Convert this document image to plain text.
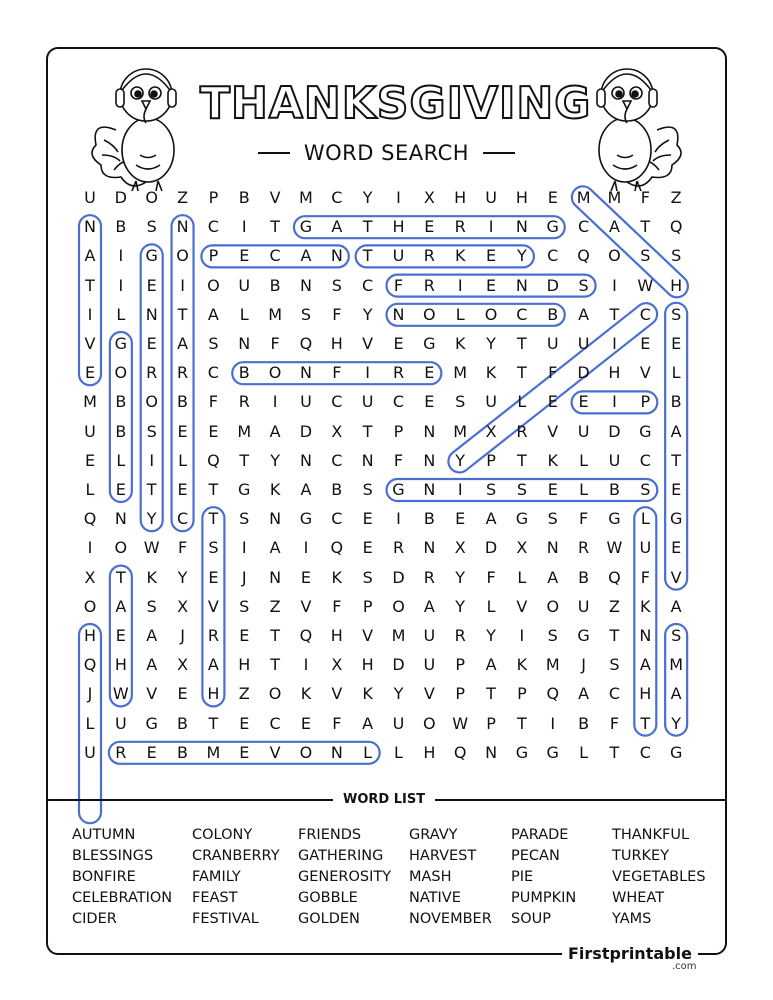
THANKSGIVING
WORD SEARCH
U	D	O	Z	P	B	V	M	C	Y	I	X	H	U	H	E	M	M	F	Z
N	B	S	N	C	I	T	G	A	T	H	E	R	I	N	G	C	A	T	Q
A	I	G	O	P	E	C	A	N	T	U	R	K	E	Y	C	Q	O	S	S
T	I	E	I	O	U	B	N	S	C	F	R	I	E	N	D	S	I	W	H
I	L	N	T	A	L	M	S	F	Y	N	O	L	O	C	B	A	T	C	S
V	G	E	A	S	N	F	Q	H	V	E	G	K	Y	T	U	U	I	E	E
E	O	R	R	C	B	O	N	F	I	R	E	M	K	T	F	D	H	V	L
M	B	O	B	F	R	I	U	C	U	C	E	S	U	L	E	E	I	P	B
U	B	S	E	E	M	A	D	X	T	P	N	M	X	R	V	U	D	G	A
E	L	I	L	Q	T	Y	N	C	N	F	N	Y	P	T	K	L	U	C	T
L	E	T	E	T	G	K	A	B	S	G	N	I	S	S	E	L	B	S	E
Q	N	Y	C	T	S	N	G	C	E	I	B	E	A	G	S	F	G	L	G
I	O	W	F	S	I	A	I	Q	E	R	N	X	D	X	N	R	W	U	E
X	T	K	Y	E	J	N	E	K	S	D	R	Y	F	L	A	B	Q	F	V
O	A	S	X	V	S	Z	V	F	P	O	A	Y	L	V	O	U	Z	K	A
H	E	A	J	R	E	T	Q	H	V	M	U	R	Y	I	S	G	T	N	S
Q	H	A	X	A	H	T	I	X	H	D	U	P	A	K	M	J	S	A	M
J	W	V	E	H	Z	O	K	V	K	Y	V	P	T	P	Q	A	C	H	A
L	U	G	B	T	E	C	E	F	A	U	O	W	P	T	I	B	F	T	Y
U	R	E	B	M	E	V	O	N	L	L	H	Q	N	G	G	L	T	C	G
WORD LIST
AUTUMN
BLESSINGS
BONFIRE
CELEBRATION
CIDER
COLONY
CRANBERRY
FAMILY
FEAST
FESTIVAL
FRIENDS
GATHERING
GENEROSITY
GOBBLE
GOLDEN
GRAVY
HARVEST
MASH
NATIVE
NOVEMBER
PARADE
PECAN
PIE
PUMPKIN
SOUP
THANKFUL
TURKEY
VEGETABLES
WHEAT
YAMS
Firstprintable
.com
